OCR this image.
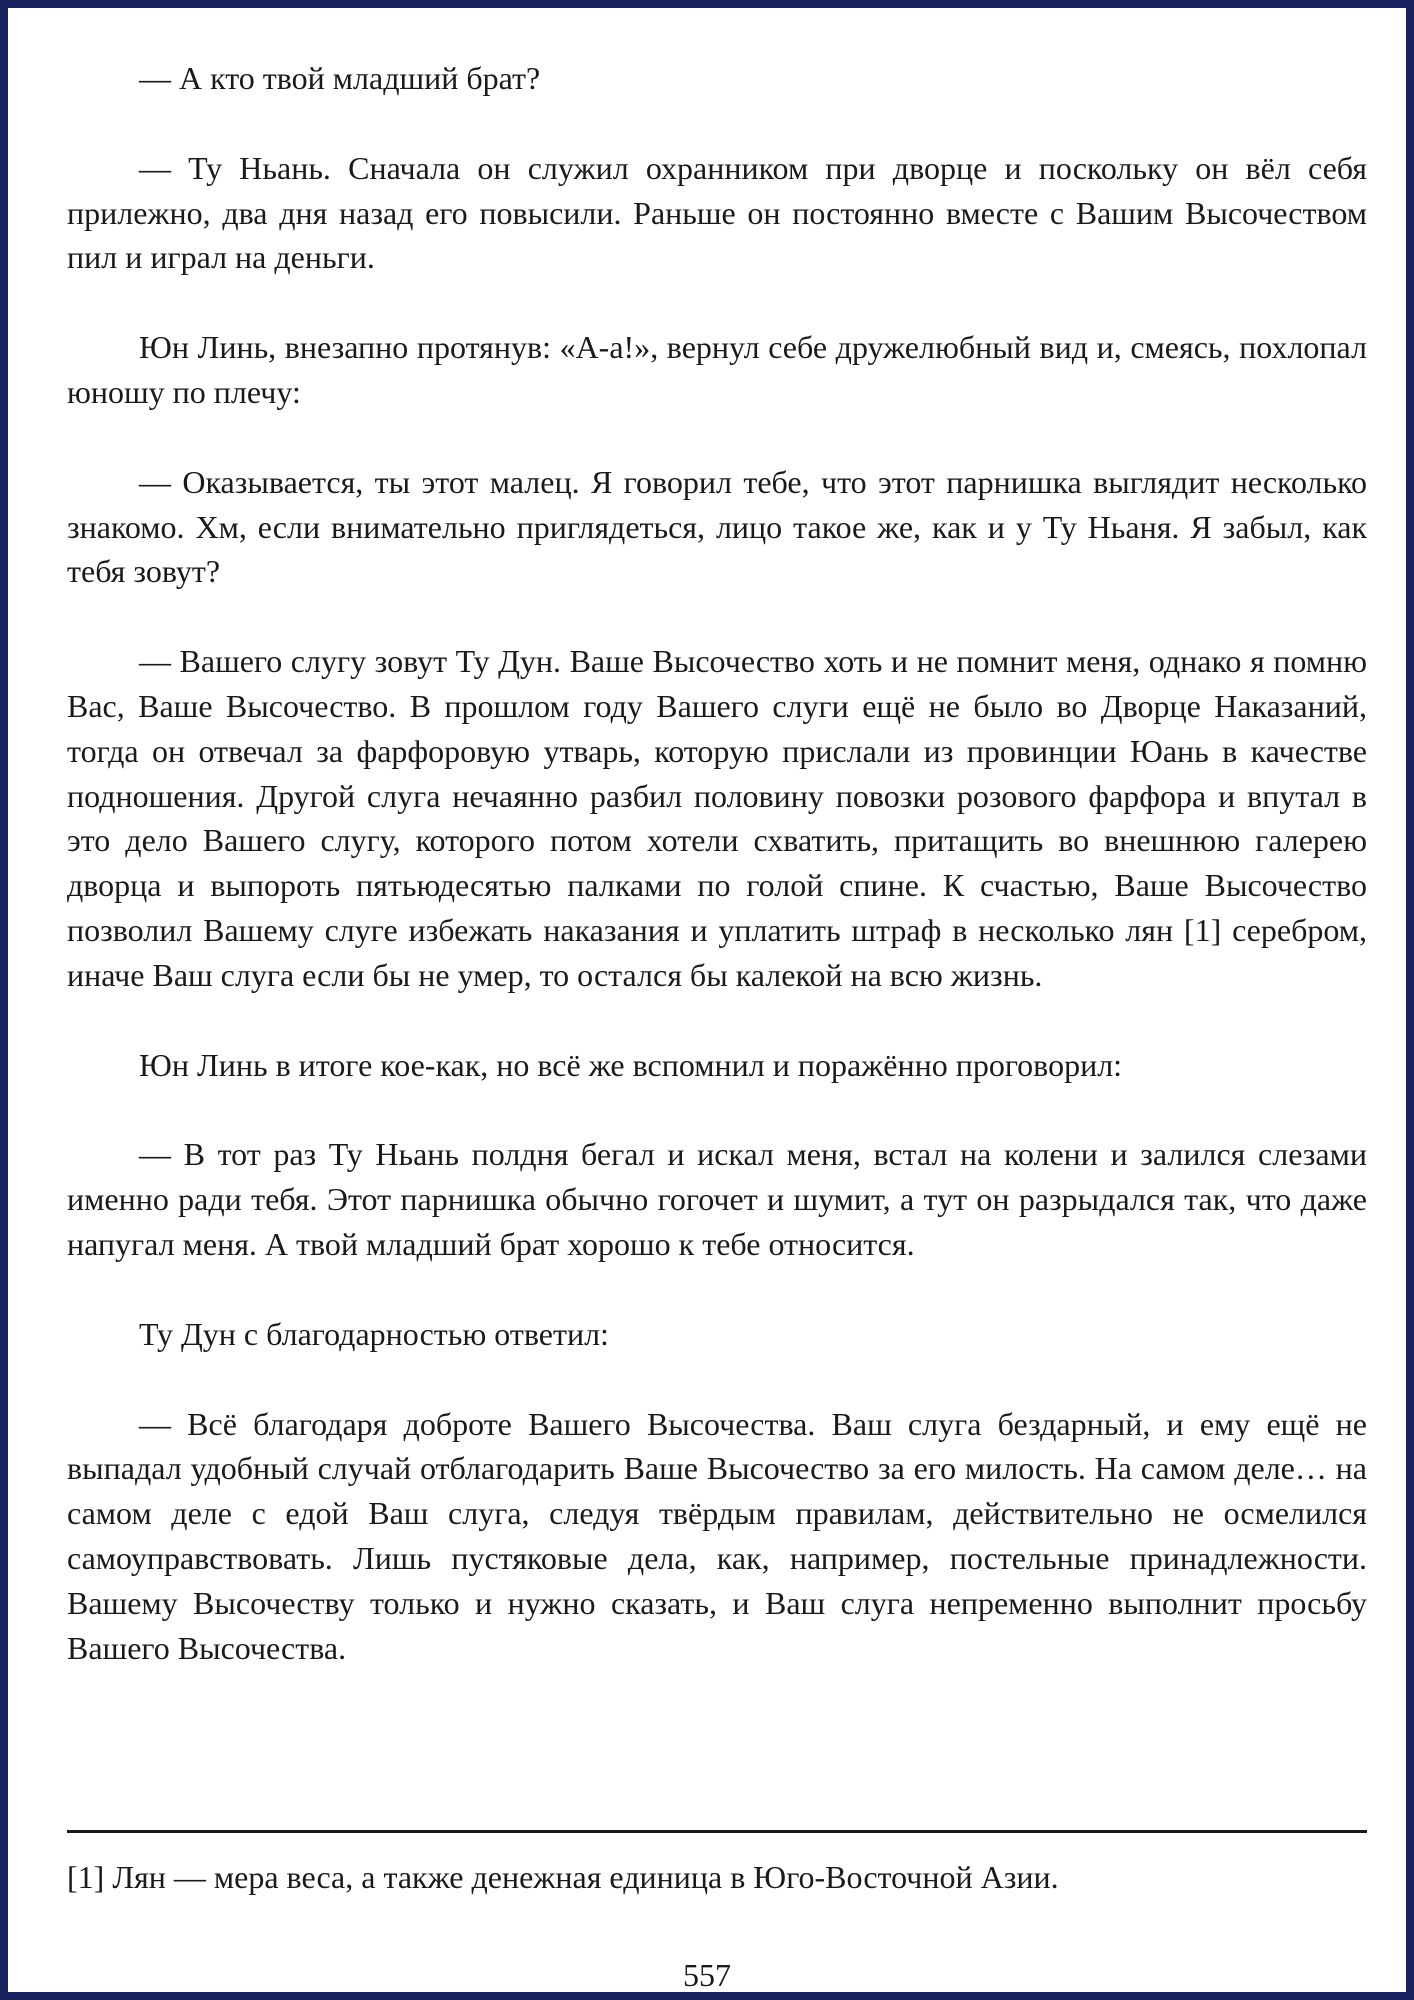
— А кто твой младший брат?

— Ту Ньань. Сначала он служил охранником при дворце и поскольку он вёл себя прилежно, два дня назад его повысили. Раньше он постоянно вместе с Вашим Высочеством пил и играл на деньги.

Юн Линь, внезапно протянув: «А-а!», вернул себе дружелюбный вид и, смеясь, похлопал юношу по плечу:

— Оказывается, ты этот малец. Я говорил тебе, что этот парнишка выглядит несколько знакомо. Хм, если внимательно приглядеться, лицо такое же, как и у Ту Ньаня. Я забыл, как тебя зовут?

— Вашего слугу зовут Ту Дун. Ваше Высочество хоть и не помнит меня, однако я помню Вас, Ваше Высочество. В прошлом году Вашего слуги ещё не было во Дворце Наказаний, тогда он отвечал за фарфоровую утварь, которую прислали из провинции Юань в качестве подношения. Другой слуга нечаянно разбил половину повозки розового фарфора и впутал в это дело Вашего слугу, которого потом хотели схватить, притащить во внешнюю галерею дворца и выпороть пятьюдесятью палками по голой спине. К счастью, Ваше Высочество позволил Вашему слуге избежать наказания и уплатить штраф в несколько лян [1] серебром, иначе Ваш слуга если бы не умер, то остался бы калекой на всю жизнь.

Юн Линь в итоге кое-как, но всё же вспомнил и поражённо проговорил:

— В тот раз Ту Ньань полдня бегал и искал меня, встал на колени и залился слезами именно ради тебя. Этот парнишка обычно гогочет и шумит, а тут он разрыдался так, что даже напугал меня. А твой младший брат хорошо к тебе относится.

Ту Дун с благодарностью ответил:

— Всё благодаря доброте Вашего Высочества. Ваш слуга бездарный, и ему ещё не выпадал удобный случай отблагодарить Ваше Высочество за его милость. На самом деле… на самом деле с едой Ваш слуга, следуя твёрдым правилам, действительно не осмелился самоуправствовать. Лишь пустяковые дела, как, например, постельные принадлежности. Вашему Высочеству только и нужно сказать, и Ваш слуга непременно выполнит просьбу Вашего Высочества.

[1] Лян — мера веса, а также денежная единица в Юго-Восточной Азии.

557
